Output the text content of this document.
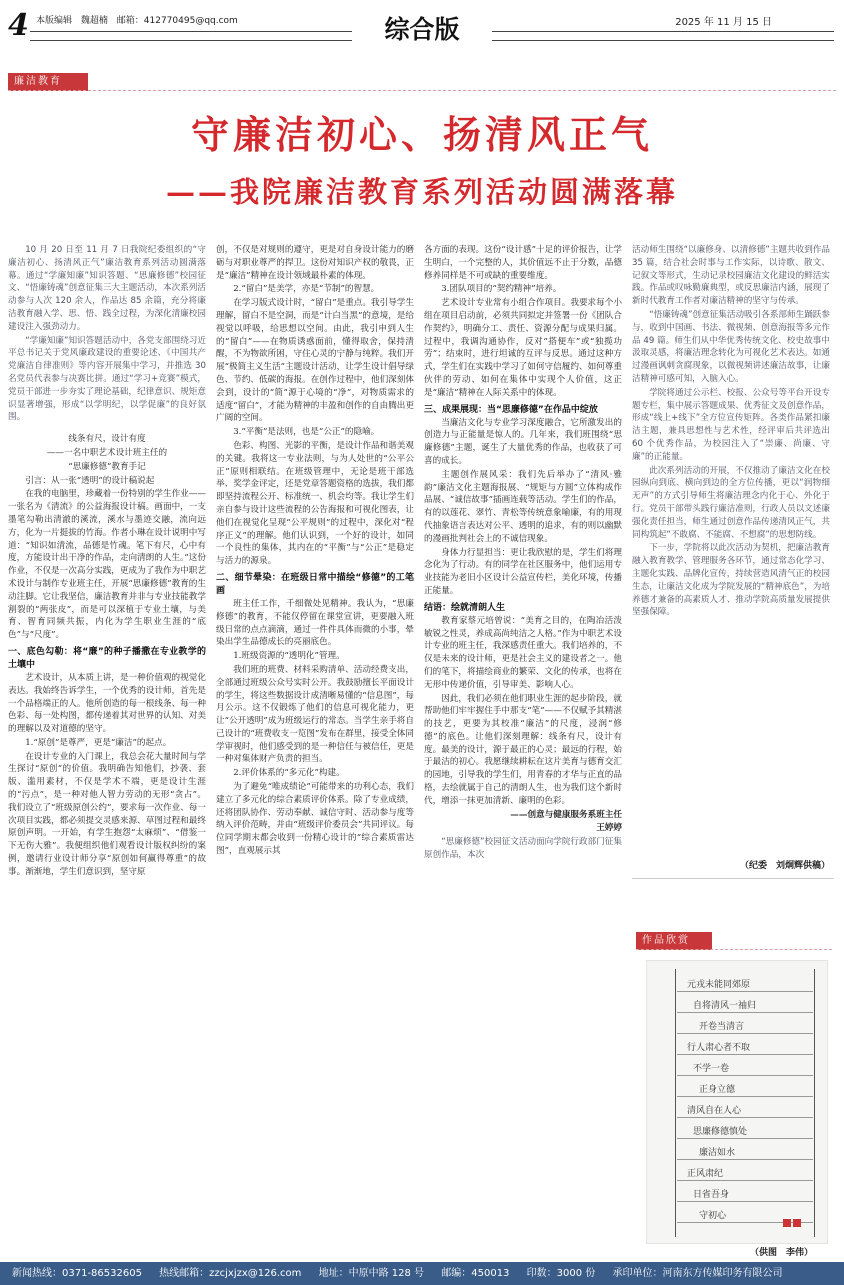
4 本版编辑 魏超楠 邮箱：412770495@qq.com	综合版	2025 年 11 月 15 日
廉洁教育
守廉洁初心、扬清风正气
——我院廉洁教育系列活动圆满落幕

10 月 20 日至 11 月 7 日我院纪委组织的“守廉洁初心、扬清风正气”廉洁教育系列活动圆满落幕。通过“学廉知廉”知识答题、“思廉修德”校园征文、“悟廉铸魂”创意征集三大主题活动，本次系列活动参与人次 120 余人，作品达 85 余篇，充分将廉洁教育融入学、思、悟、践全过程，为深化清廉校园建设注入强劲动力。

“学廉知廉”知识答题活动中，各党支部围绕习近平总书记关于党风廉政建设的重要论述、《中国共产党廉洁自律准则》等内容开展集中学习，并推选 30 名党员代表参与决赛比拼。通过“学习+竞赛”模式，党员干部进一步夯实了理论基础，纪律意识、规矩意识显著增强，形成“以学明纪，以学促廉”的良好氛围。

线条有尺，设计有度

——一名中职艺术设计班主任的

“思廉修德”教育手记

引言：从一张“透明”的设计稿说起

在我的电脑里，珍藏着一份特别的学生作业——一张名为《清流》的公益海报设计稿。画面中，一支墨笔勾勒出清澈的溪流，溪水与墨迹交融，流向远方，化为一片挺拔的竹海。作者小琳在设计说明中写道：“知识如清流，品德是竹魂。笔下有尺，心中有度，方能设计出干净的作品，走向清朗的人生。”这份作业，不仅是一次高分实践，更成为了我作为中职艺术设计与制作专业班主任，开展“思廉修德”教育的生动注脚。它让我坚信，廉洁教育并非与专业技能教学割裂的“两张皮”，而是可以深植于专业土壤，与美育、智育同频共振，内化为学生职业生涯的“底色”与“尺度”。

一、底色勾勒：将“廉”的种子播撒在专业教学的土壤中

艺术设计，从本质上讲，是一种价值观的视觉化表达。我始终告诉学生，一个优秀的设计师，首先是一个品格端正的人。他所创造的每一根线条、每一种色彩、每一处构图，都传递着其对世界的认知、对美的理解以及对道德的坚守。

1.“原创”是尊严，更是“廉洁”的起点。

在设计专业的入门课上，我总会花大量时间与学生探讨“原创”的价值。我明确告知他们，抄袭、套版、滥用素材，不仅是学术不端，更是设计生涯的“污点”，是一种对他人智力劳动的无形“贪占”。我们设立了“班级原创公约”，要求每一次作业、每一次项目实践，都必须提交灵感来源、草图过程和最终原创声明。一开始，有学生抱怨“太麻烦”、“借鉴一下无伤大雅”。我便组织他们观看设计版权纠纷的案例，邀请行业设计师分享“原创如何赢得尊重”的故事。渐渐地，学生们意识到，坚守原

创，不仅是对规则的遵守，更是对自身设计能力的磨砺与对职业尊严的捍卫。这份对知识产权的敬畏，正是“廉洁”精神在设计领域最朴素的体现。

2.“留白”是美学，亦是“节制”的智慧。

在学习版式设计时，“留白”是重点。我引导学生理解，留白不是空洞，而是“计白当黑”的意境，是给视觉以呼吸，给思想以空间。由此，我引申到人生的“留白”——在物质诱惑面前，懂得取舍，保持清醒，不为物欲所困，守住心灵的宁静与纯粹。我们开展“极简主义生活”主题设计活动，让学生设计倡导绿色、节约、低碳的海报。在创作过程中，他们深刻体会到，设计的“简”源于心境的“净”，对物质需求的适度“留白”，才能为精神的丰盈和创作的自由腾出更广阔的空间。

3.“平衡”是法则，也是“公正”的隐喻。

色彩、构图、光影的平衡，是设计作品和谐美观的关键。我将这一专业法则，与为人处世的“公平公正”原则相联结。在班级管理中，无论是班干部选举、奖学金评定，还是党章答题资格的选拔，我们都即坚持流程公开、标准统一、机会均等。我让学生们亲自参与设计这些流程的公告海报和可视化图表，让他们在视觉化呈现“公平规则”的过程中，深化对“程序正义”的理解。他们认识到，一个好的设计，如同一个良性的集体，其内在的“平衡”与“公正”是稳定与活力的源泉。

二、细节晕染：在班级日常中描绘“修德”的工笔画

班主任工作，千细微处见精神。我认为，“思廉修德”的教育，不能仅停留在课堂宣讲，更要融入班级日常的点点滴滴，通过一件件具体而微的小事，晕染出学生品德成长的亮丽底色。

1.班级资源的“透明化”管理。

我们班的班费、材料采购清单、活动经费支出，全部通过班级公众号实时公开。我鼓励擅长平面设计的学生，将这些数据设计成清晰易懂的“信息图”，每月公示。这不仅锻炼了他们的信息可视化能力，更让“公开透明”成为班级运行的常态。当学生亲手将自己设计的“班费收支一览图”发布在群里，接受全体同学审视时，他们感受到的是一种信任与被信任，更是一种对集体财产负责的担当。

2.评价体系的“多元化”构建。

为了避免“唯成绩论”可能带来的功利心态，我们建立了多元化的综合素质评价体系。除了专业成绩，还将团队协作、劳动奉献、诚信守时、活动参与度等纳入评价范畴，并由“班级评价委员会”共同评议。每位同学期末都会收到一份精心设计的“综合素质雷达图”，直观展示其

各方面的表现。这份“设计感”十足的评价报告，让学生明白，一个完整的人，其价值远不止于分数，品德修养同样是不可或缺的重要维度。

3.团队项目的“契约精神”培养。

艺术设计专业常有小组合作项目。我要求每个小组在项目启动前，必须共同拟定并签署一份《团队合作契约》，明确分工、责任、资源分配与成果归属。过程中，我调沟通协作，反对“搭便车”或“独揽功劳”；结束时，进行坦诚的互评与反思。通过这种方式，学生们在实践中学习了如何守信履约、如何尊重伙伴的劳动、如何在集体中实现个人价值，这正是“廉洁”精神在人际关系中的体现。

三、成果展现：当“思廉修德”在作品中绽放

当廉洁文化与专业学习深度融合，它所激发出的创造力与正能量是惊人的。几年来，我们班围绕“思廉修德”主题，诞生了大量优秀的作品，也收获了可喜的成长。

主题创作展风采：我们先后举办了“清风·雅韵”廉洁文化主题海报展、“规矩与方圆”立体构成作品展、“诚信故事”插画连载等活动。学生们的作品，有的以莲花、翠竹、青松等传统意象喻廉，有的用现代抽象语言表达对公平、透明的追求，有的则以幽默的漫画批判社会上的不诚信现象。

身体力行显担当：更让我欣慰的是，学生们将理念化为了行动。有的同学在社区服务中，他们运用专业技能为老旧小区设计公益宣传栏，美化环境，传播正能量。

结语：绘就清朗人生

教育家蔡元培曾说：“美育之目的，在陶冶活泼敏锐之性灵，养成高尚纯洁之人格。”作为中职艺术设计专业的班主任，我深感责任重大。我们培养的，不仅是未来的设计师，更是社会主义的建设者之一。他们的笔下，将描绘商业的繁荣、文化的传承，也将在无形中传递价值，引导审美、影响人心。

因此，我们必须在他们职业生涯的起步阶段，就帮助他们牢牢握住手中那支“笔”——不仅赋予其精湛的技艺，更要为其校准“廉洁”的尺度，浸润“修德”的底色。让他们深刻理解：线条有尺，设计有度。最美的设计，源于最正的心灵；最远的行程，始于最洁的初心。我愿继续耕耘在这片美育与德育交汇的园地，引导我的学生们，用青春的才华与正直的品格，去绘就属于自己的清朗人生，也为我们这个新时代，增添一抹更加清新、廉明的色彩。

——创意与健康服务系班主任

王婷婷

“思廉修德”校园征文活动面向学院行政部门征集原创作品，本次

活动师生围绕“以廉修身、以清修德”主题共收到作品 35 篇，结合社会时事与工作实际，以诗歌、散文、记叙文等形式，生动记录校园廉洁文化建设的鲜活实践。作品或叹咏勤廉典型，或反思廉洁内涵，展现了新时代教育工作者对廉洁精神的坚守与传承。

“悟廉铸魂”创意征集活动吸引各系部师生踊跃参与，收到中国画、书法、微视频、创意海报等多元作品 49 篇。师生们从中华优秀传统文化、校史故事中汲取灵感，将廉洁理念转化为可视化艺术表达。如通过漫画讽刺贪腐现象，以微视频讲述廉洁故事，让廉洁精神可感可知，入脑入心。

学院将通过公示栏、校报、公众号等平台开设专题专栏，集中展示答题成果、优秀征文及创意作品，形成“线上+线下”全方位宣传矩阵。各类作品紧扣廉洁主题，兼具思想性与艺术性，经评审后共评选出 60 个优秀作品，为校园注入了“崇廉、尚廉、守廉”的正能量。

此次系列活动的开展，不仅推动了廉洁文化在校园纵向到底、横向到边的全方位传播，更以“润物细无声”的方式引导师生将廉洁理念内化于心、外化于行。党员干部带头践行廉洁准则，行政人员以文述廉强化责任担当，师生通过创意作品传递清风正气，共同构筑起“不敢腐、不能腐、不想腐”的思想防线。

下一步，学院将以此次活动为契机，把廉洁教育融入教育教学、管理服务各环节，通过常态化学习、主题化实践、品牌化宣传，持续营造风清气正的校园生态，让廉洁文化成为学院发展的“精神底色”，为培养德才兼备的高素质人才、推动学院高质量发展提供坚强保障。

（纪委　刘炯辉供稿）
作品欣赏
元戎未能同郊原
自将清风一袖归
开卷当清言
行人肃心者不取
不学一卷
正身立德
清风自在人心
思廉修德慎处
廉洁如水
正风肃纪
日省吾身
守初心
（供图　李伟）
新闻热线：0371-86532605 热线邮箱：zzcjxjzx@126.com 地址：中原中路 128 号 邮编：450013 印数：3000 份 承印单位：河南东方传媒印务有限公司
